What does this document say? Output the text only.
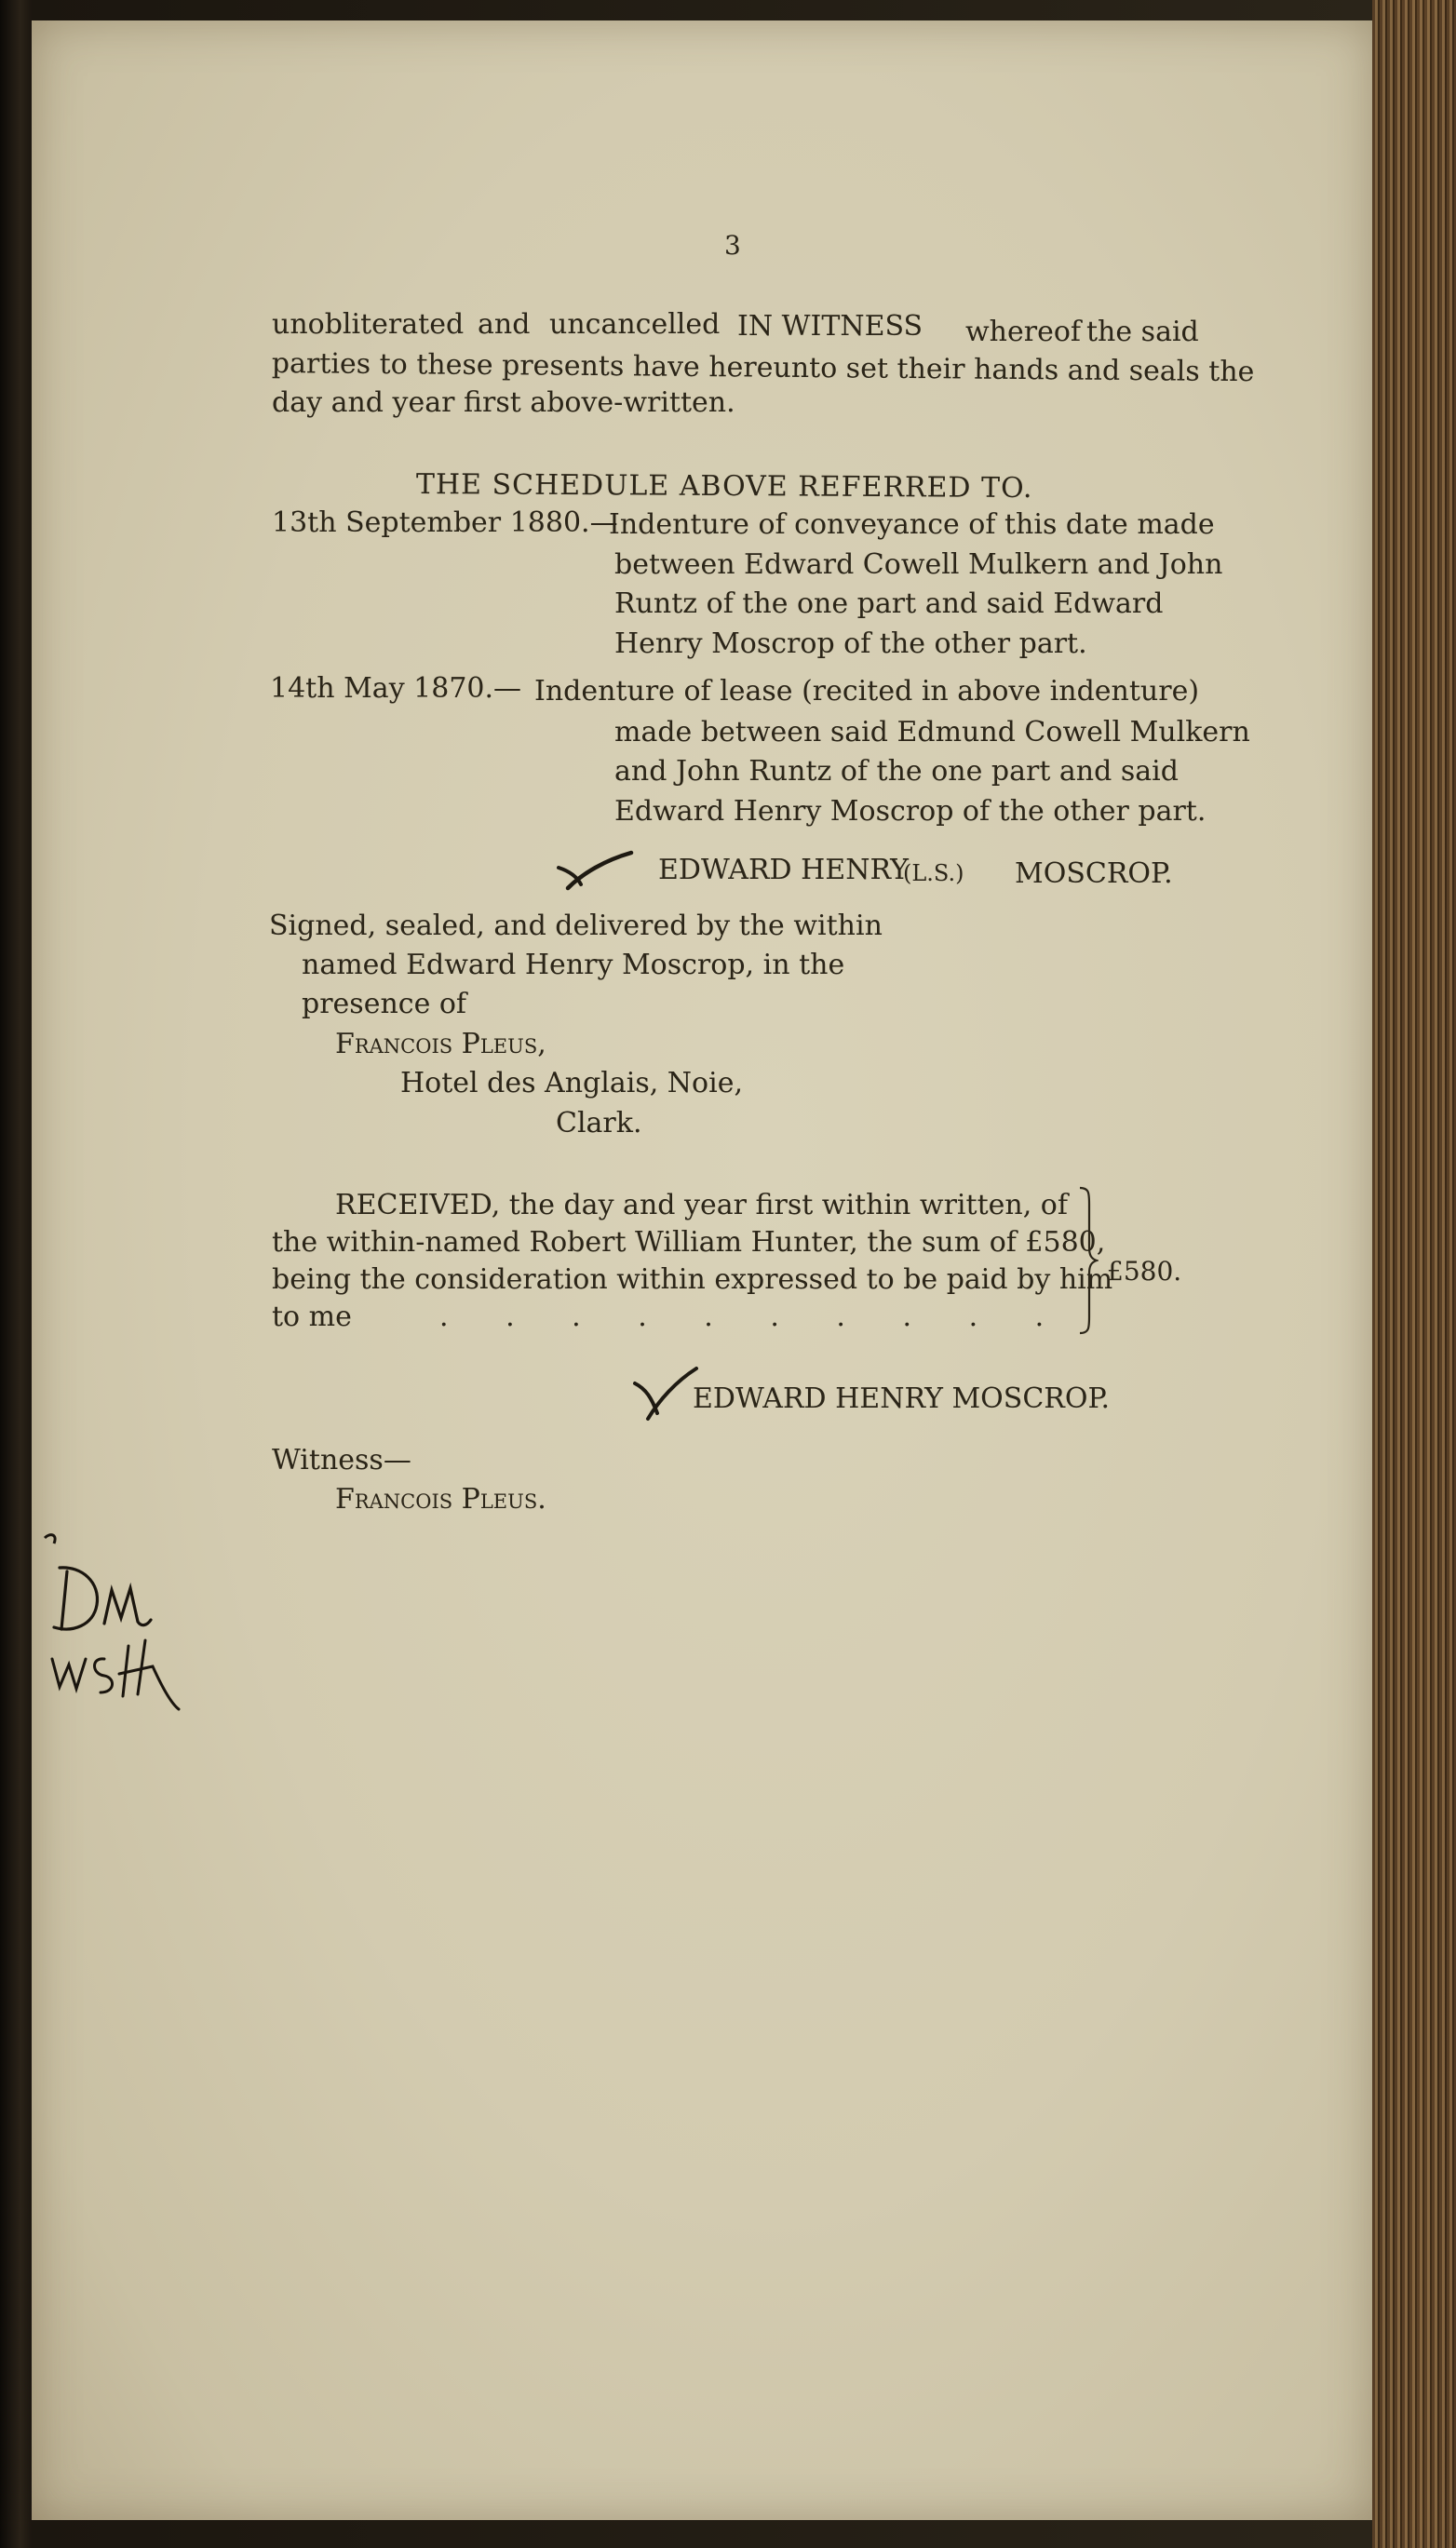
3
unobliterated and uncancelled IN WITNESS whereof the said
parties to these presents have hereunto set their hands and seals the
day and year first above-written.
THE SCHEDULE ABOVE REFERRED TO.
13th September 1880.—
Indenture of conveyance of this date made
between Edward Cowell Mulkern and John
Runtz of the one part and said Edward
Henry Moscrop of the other part.
14th May 1870.— Indenture of lease (recited in above indenture)
made between said Edmund Cowell Mulkern
and John Runtz of the one part and said
Edward Henry Moscrop of the other part.
EDWARD HENRY
(L.S.) MOSCROP.
Signed, sealed, and delivered by the within
named Edward Henry Moscrop, in the
presence of
Francois Pleus,
Hotel des Anglais, Noie,
Clark.
RECEIVED, the day and year first within written, of
the within-named Robert William Hunter, the sum of £580,
being the consideration within expressed to be paid by him
to me	. . . . . . . . . .
£580.
EDWARD HENRY MOSCROP.
Witness—
Francois Pleus.
